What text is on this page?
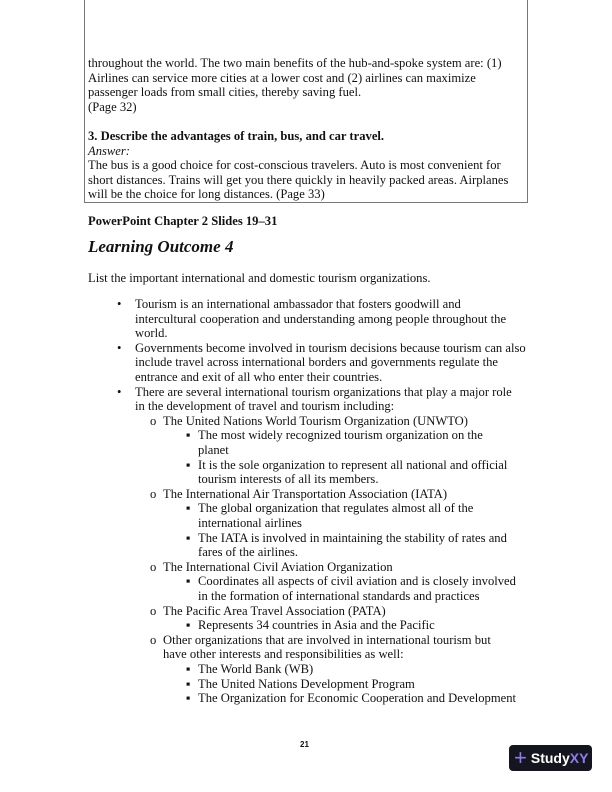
throughout the world. The two main benefits of the hub-and-spoke system are: (1)
Airlines can service more cities at a lower cost and (2) airlines can maximize
passenger loads from small cities, thereby saving fuel.
(Page 32)
3. Describe the advantages of train, bus, and car travel.
Answer:
The bus is a good choice for cost-conscious travelers. Auto is most convenient for
short distances. Trains will get you there quickly in heavily packed areas. Airplanes
will be the choice for long distances. (Page 33)
PowerPoint Chapter 2 Slides 19–31
Learning Outcome 4
List the important international and domestic tourism organizations.
• Tourism is an international ambassador that fosters goodwill and
intercultural cooperation and understanding among people throughout the
world.
• Governments become involved in tourism decisions because tourism can also
include travel across international borders and governments regulate the
entrance and exit of all who enter their countries.
• There are several international tourism organizations that play a major role
in the development of travel and tourism including:
o The United Nations World Tourism Organization (UNWTO)
▪ The most widely recognized tourism organization on the
planet
▪ It is the sole organization to represent all national and official
tourism interests of all its members.
o The International Air Transportation Association (IATA)
▪ The global organization that regulates almost all of the
international airlines
▪ The IATA is involved in maintaining the stability of rates and
fares of the airlines.
o The International Civil Aviation Organization
▪ Coordinates all aspects of civil aviation and is closely involved
in the formation of international standards and practices
o The Pacific Area Travel Association (PATA)
▪ Represents 34 countries in Asia and the Pacific
o Other organizations that are involved in international tourism but
have other interests and responsibilities as well:
▪ The World Bank (WB)
▪ The United Nations Development Program
▪ The Organization for Economic Cooperation and Development
21
+ Study XY
